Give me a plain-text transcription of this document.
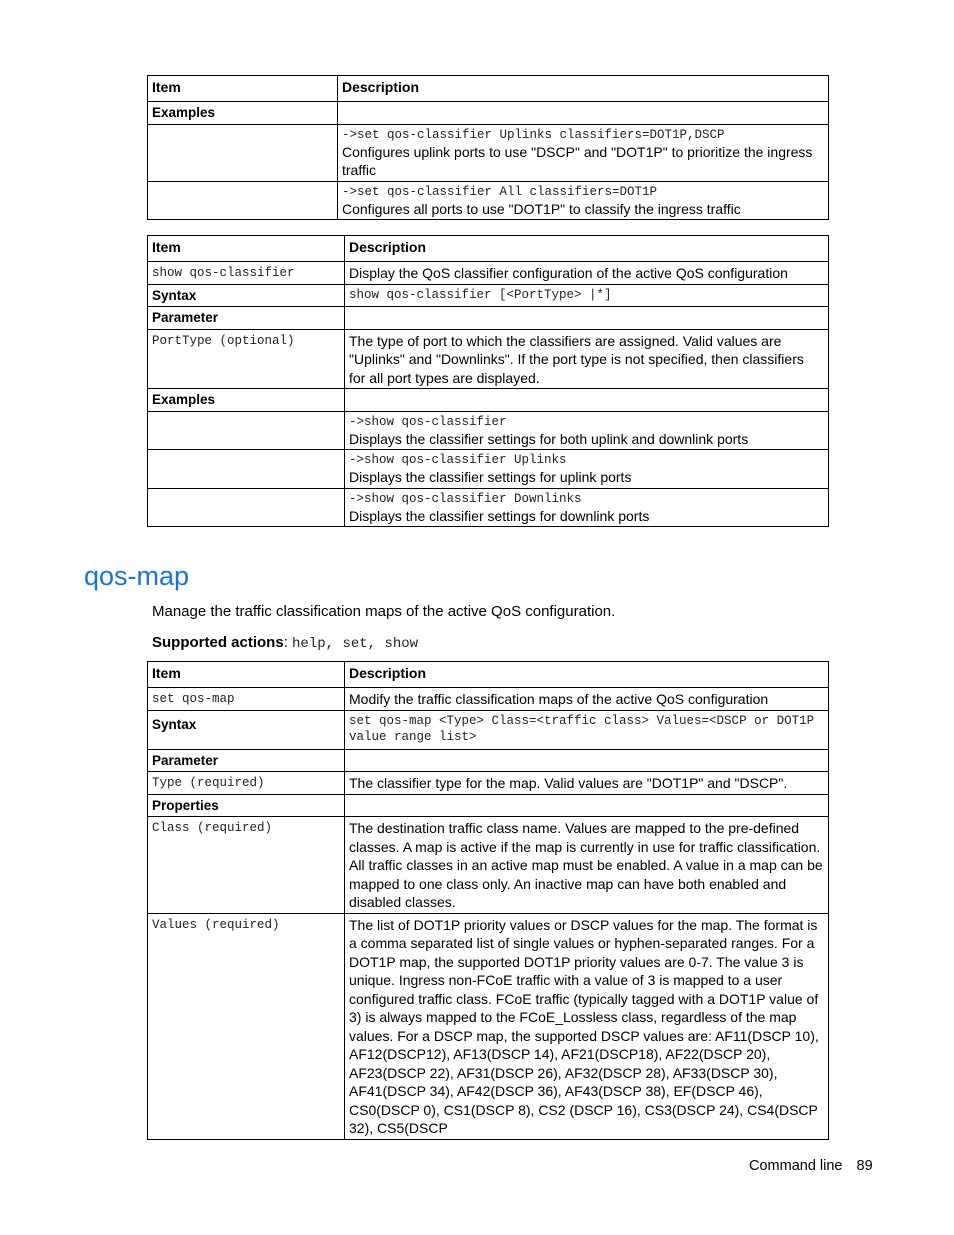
Item	Description
Examples	

	->set qos-classifier Uplinks classifiers=DOT1P,DSCP
Configures uplink ports to use "DSCP" and "DOT1P" to prioritize the ingress traffic

	->set qos-classifier All classifiers=DOT1P
Configures all ports to use "DOT1P" to classify the ingress traffic
Item	Description
show qos-classifier	Display the QoS classifier configuration of the active QoS configuration
Syntax	show qos-classifier [<PortType> |*]

Parameter	
PortType (optional)	The type of port to which the classifiers are assigned. Valid values are "Uplinks" and "Downlinks". If the port type is not specified, then classifiers for all port types are displayed.
Examples	

	->show qos-classifier
Displays the classifier settings for both uplink and downlink ports

	->show qos-classifier Uplinks
Displays the classifier settings for uplink ports

	->show qos-classifier Downlinks
Displays the classifier settings for downlink ports
qos-map

Manage the traffic classification maps of the active QoS configuration.

Supported actions: help, set, show

Item	Description
set qos-map	Modify the traffic classification maps of the active QoS configuration
Syntax	set qos-map <Type> Class=<traffic class> Values=<DSCP or DOT1P value range list>

Parameter	
Type (required)	The classifier type for the map. Valid values are "DOT1P" and "DSCP".
Properties	
Class (required)	The destination traffic class name. Values are mapped to the pre-defined classes. A map is active if the map is currently in use for traffic classification. All traffic classes in an active map must be enabled. A value in a map can be mapped to one class only. An inactive map can have both enabled and disabled classes.
Values (required)	The list of DOT1P priority values or DSCP values for the map. The format is a comma separated list of single values or hyphen-separated ranges. For a DOT1P map, the supported DOT1P priority values are 0-7. The value 3 is unique. Ingress non-FCoE traffic with a value of 3 is mapped to a user configured traffic class. FCoE traffic (typically tagged with a DOT1P value of 3) is always mapped to the FCoE_Lossless class, regardless of the map values. For a DSCP map, the supported DSCP values are: AF11(DSCP 10), AF12(DSCP12), AF13(DSCP 14), AF21(DSCP18), AF22(DSCP 20), AF23(DSCP 22), AF31(DSCP 26), AF32(DSCP 28), AF33(DSCP 30), AF41(DSCP 34), AF42(DSCP 36), AF43(DSCP 38), EF(DSCP 46), CS0(DSCP 0), CS1(DSCP 8), CS2 (DSCP 16), CS3(DSCP 24), CS4(DSCP 32), CS5(DSCP
Command line 89
